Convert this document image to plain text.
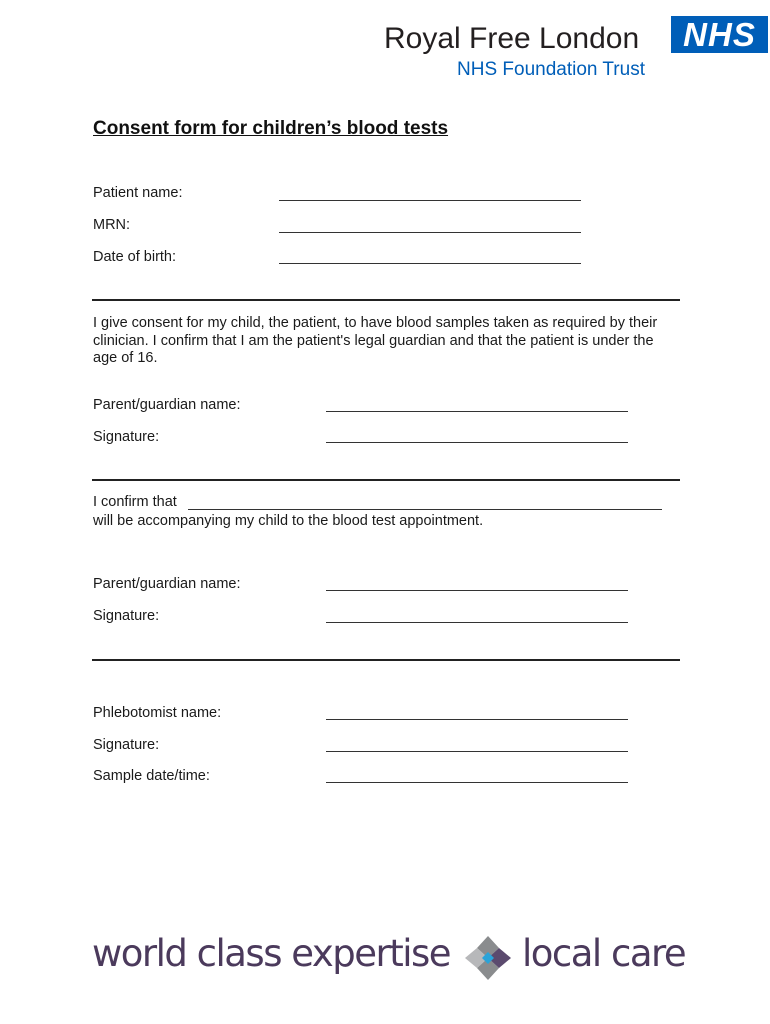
Royal Free London
NHS Foundation Trust
NHS
Consent form for children’s blood tests
Patient name:
MRN:
Date of birth:
I give consent for my child, the patient, to have blood samples taken as required by their clinician. I confirm that I am the patient's legal guardian and that the patient is under the age of 16.
Parent/guardian name:
Signature:
I confirm that
will be accompanying my child to the blood test appointment.
Parent/guardian name:
Signature:
Phlebotomist name:
Signature:
Sample date/time:
world class expertise local care
